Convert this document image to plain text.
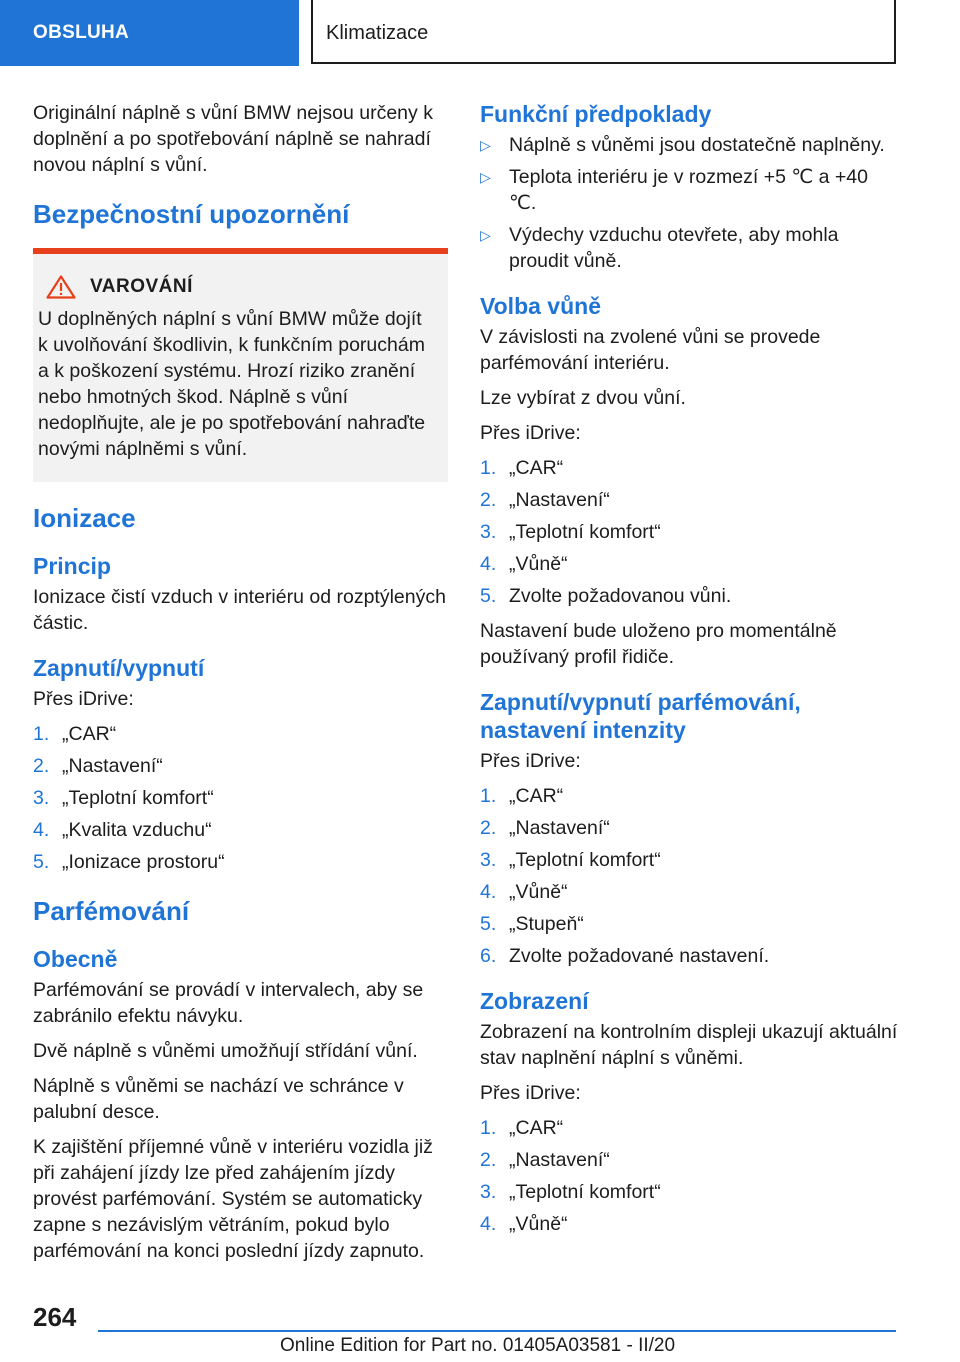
OBSLUHA	Klimatizace

Originální náplně s vůní BMW nejsou určeny k doplnění a po spotřebování náplně se nahradí novou náplní s vůní.

Bezpečnostní upozornění
VAROVÁNÍ

U doplněných náplní s vůní BMW může dojít k uvolňování škodlivin, k funkčním poruchám a k poškození systému. Hrozí riziko zranění nebo hmotných škod. Náplně s vůní nedoplňujte, ale je po spotřebování nahraďte novými náplněmi s vůní.

Ionizace
Princip

Ionizace čistí vzduch v interiéru od rozptýlených částic.

Zapnutí/vypnutí

Přes iDrive:

1. „CAR“
2. „Nastavení“
3. „Teplotní komfort“
4. „Kvalita vzduchu“
5. „Ionizace prostoru“
Parfémování
Obecně

Parfémování se provádí v intervalech, aby se zabránilo efektu návyku.

Dvě náplně s vůněmi umožňují střídání vůní.

Náplně s vůněmi se nachází ve schránce v palubní desce.

K zajištění příjemné vůně v interiéru vozidla již při zahájení jízdy lze před zahájením jízdy provést parfémování. Systém se automaticky zapne s nezávislým větráním, pokud bylo parfémování na konci poslední jízdy zapnuto.

Funkční předpoklady
▷ Náplně s vůněmi jsou dostatečně naplněny.
▷ Teplota interiéru je v rozmezí +5 ℃ a +40 ℃.
▷ Výdechy vzduchu otevřete, aby mohla proudit vůně.
Volba vůně

V závislosti na zvolené vůni se provede parfémování interiéru.

Lze vybírat z dvou vůní.

Přes iDrive:

1. „CAR“
2. „Nastavení“
3. „Teplotní komfort“
4. „Vůně“
5. Zvolte požadovanou vůni.

Nastavení bude uloženo pro momentálně používaný profil řidiče.

Zapnutí/vypnutí parfémování, nastavení intenzity

Přes iDrive:

1. „CAR“
2. „Nastavení“
3. „Teplotní komfort“
4. „Vůně“
5. „Stupeň“
6. Zvolte požadované nastavení.
Zobrazení

Zobrazení na kontrolním displeji ukazují aktuální stav naplnění náplní s vůněmi.

Přes iDrive:

1. „CAR“
2. „Nastavení“
3. „Teplotní komfort“
4. „Vůně“
264
Online Edition for Part no. 01405A03581 - II/20
